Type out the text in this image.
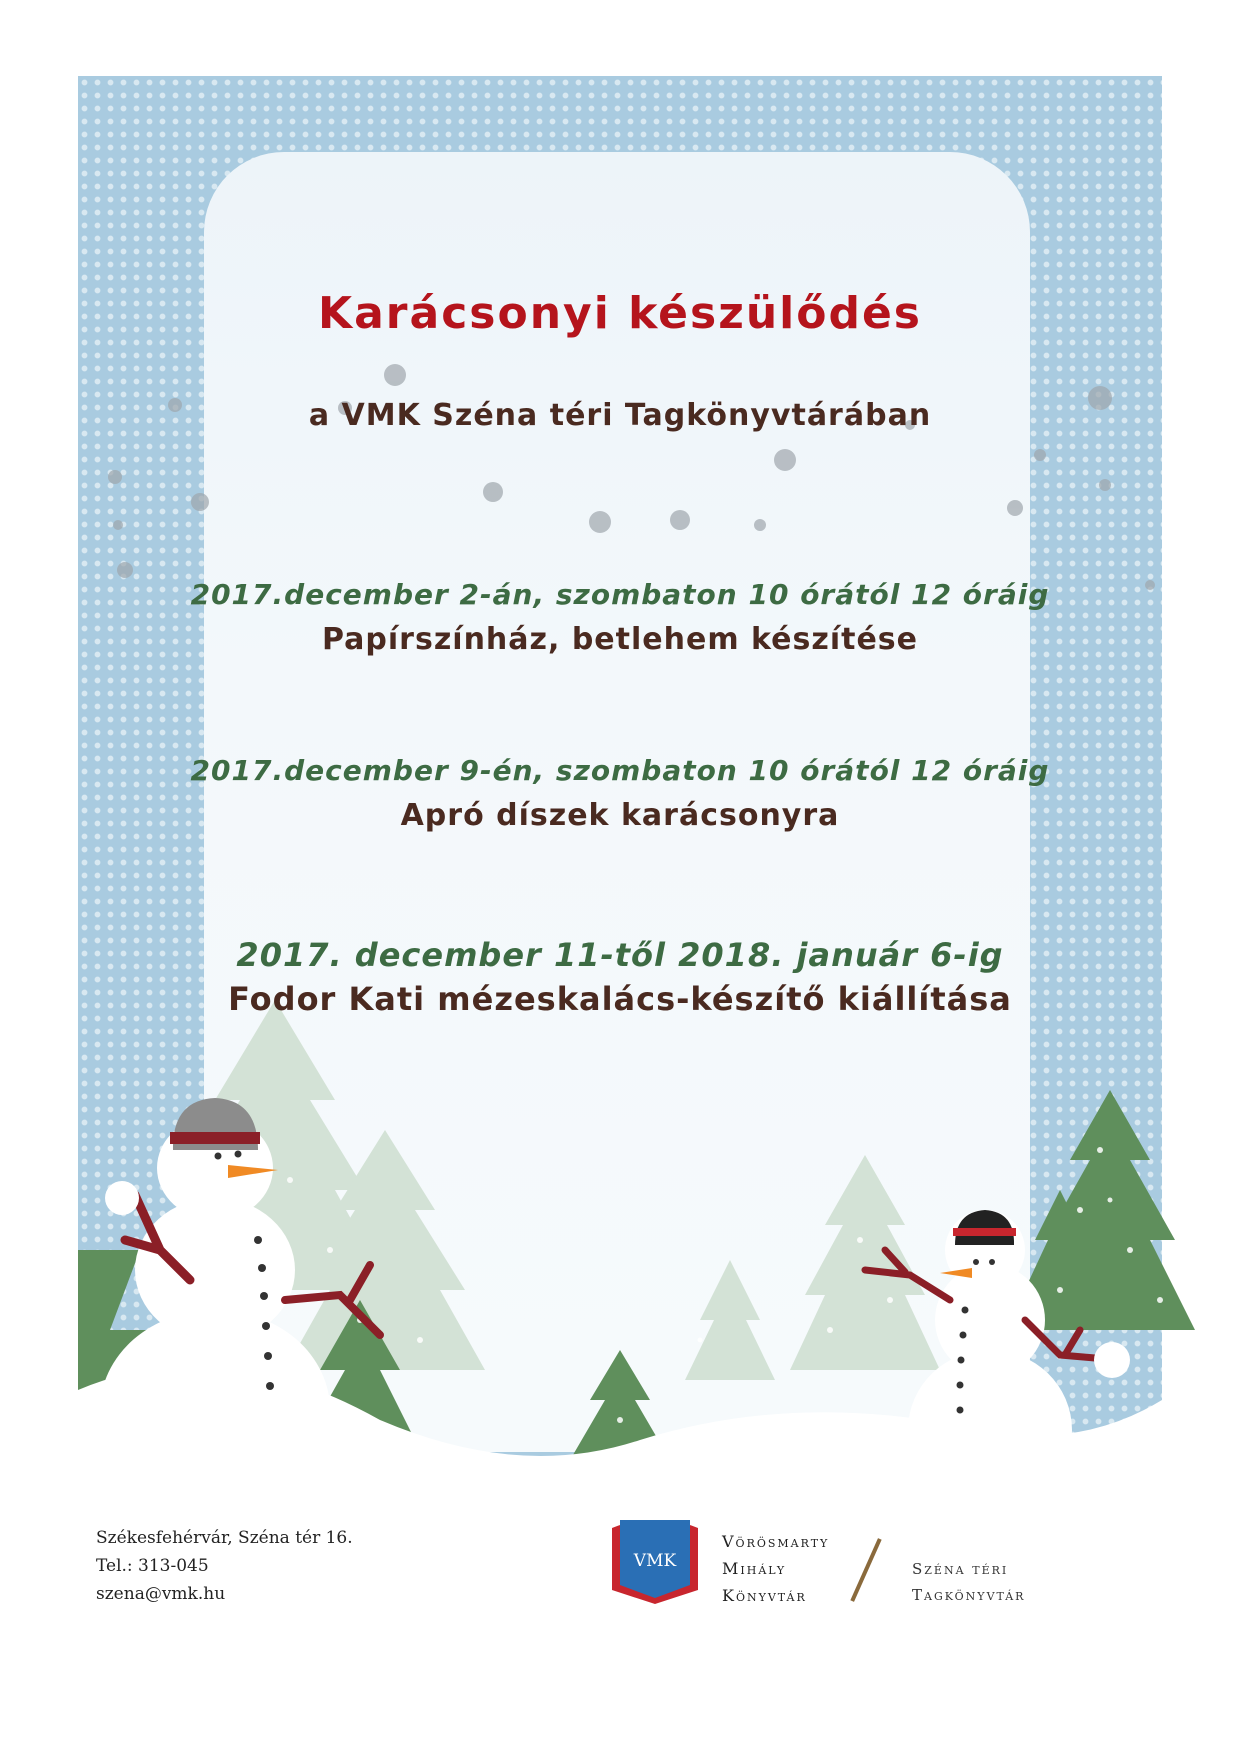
VMK

Karácsonyi készülődés

a VMK Széna téri Tagkönyvtárában

2017.december 2-án, szombaton 10 órától 12 óráig

Papírszínház, betlehem készítése

2017.december 9-én, szombaton 10 órától 12 óráig

Apró díszek karácsonyra

2017. december 11-től 2018. január 6-ig

Fodor Kati mézeskalács-készítő kiállítása

Székesfehérvár, Széna tér 16.
Tel.: 313-045
szena@vmk.hu
Vörösmarty
Mihály
Könyvtár
Széna téri
Tagkönyvtár
